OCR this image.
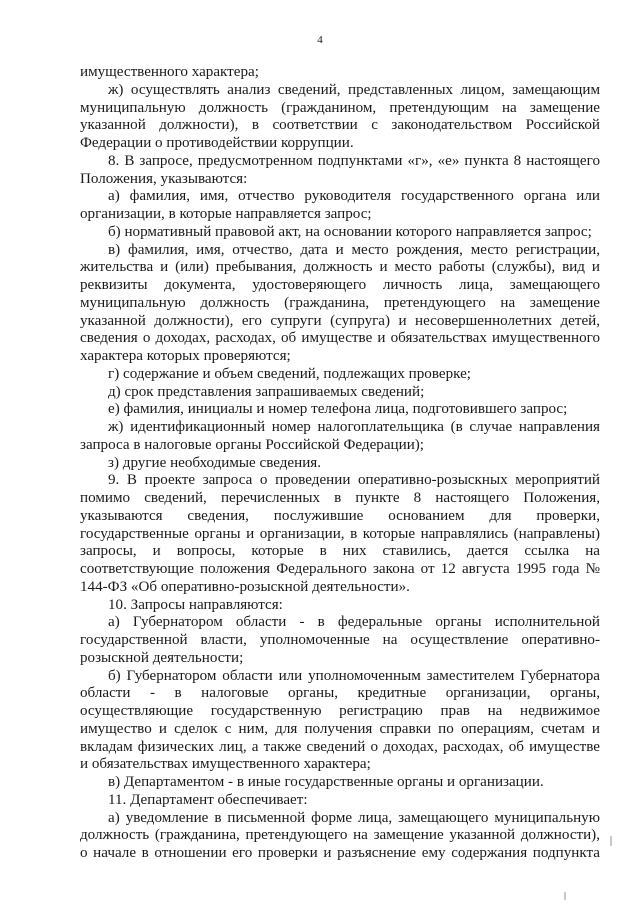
4
имущественного характера;
ж) осуществлять анализ сведений, представленных лицом, замещающим
муниципальную должность (гражданином, претендующим на замещение
указанной должности), в соответствии с законодательством Российской
Федерации о противодействии коррупции.
8. В запросе, предусмотренном подпунктами «г», «е» пункта 8 настоящего
Положения, указываются:
а) фамилия, имя, отчество руководителя государственного органа или
организации, в которые направляется запрос;
б) нормативный правовой акт, на основании которого направляется запрос;
в) фамилия, имя, отчество, дата и место рождения, место регистрации,
жительства и (или) пребывания, должность и место работы (службы), вид и
реквизиты документа, удостоверяющего личность лица, замещающего
муниципальную должность (гражданина, претендующего на замещение
указанной должности), его супруги (супруга) и несовершеннолетних детей,
сведения о доходах, расходах, об имуществе и обязательствах имущественного
характера которых проверяются;
г) содержание и объем сведений, подлежащих проверке;
д) срок представления запрашиваемых сведений;
е) фамилия, инициалы и номер телефона лица, подготовившего запрос;
ж) идентификационный номер налогоплательщика (в случае направления
запроса в налоговые органы Российской Федерации);
з) другие необходимые сведения.
9. В проекте запроса о проведении оперативно-розыскных мероприятий
помимо сведений, перечисленных в пункте 8 настоящего Положения,
указываются сведения, послужившие основанием для проверки,
государственные органы и организации, в которые направлялись (направлены)
запросы, и вопросы, которые в них ставились, дается ссылка на
соответствующие положения Федерального закона от 12 августа 1995 года №
144-ФЗ «Об оперативно-розыскной деятельности».
10. Запросы направляются:
а) Губернатором области - в федеральные органы исполнительной
государственной власти, уполномоченные на осуществление оперативно-
розыскной деятельности;
б) Губернатором области или уполномоченным заместителем Губернатора
области - в налоговые органы, кредитные организации, органы,
осуществляющие государственную регистрацию прав на недвижимое
имущество и сделок с ним, для получения справки по операциям, счетам и
вкладам физических лиц, а также сведений о доходах, расходах, об имуществе
и обязательствах имущественного характера;
в) Департаментом - в иные государственные органы и организации.
11. Департамент обеспечивает:
а) уведомление в письменной форме лица, замещающего муниципальную
должность (гражданина, претендующего на замещение указанной должности),
о начале в отношении его проверки и разъяснение ему содержания подпункта
